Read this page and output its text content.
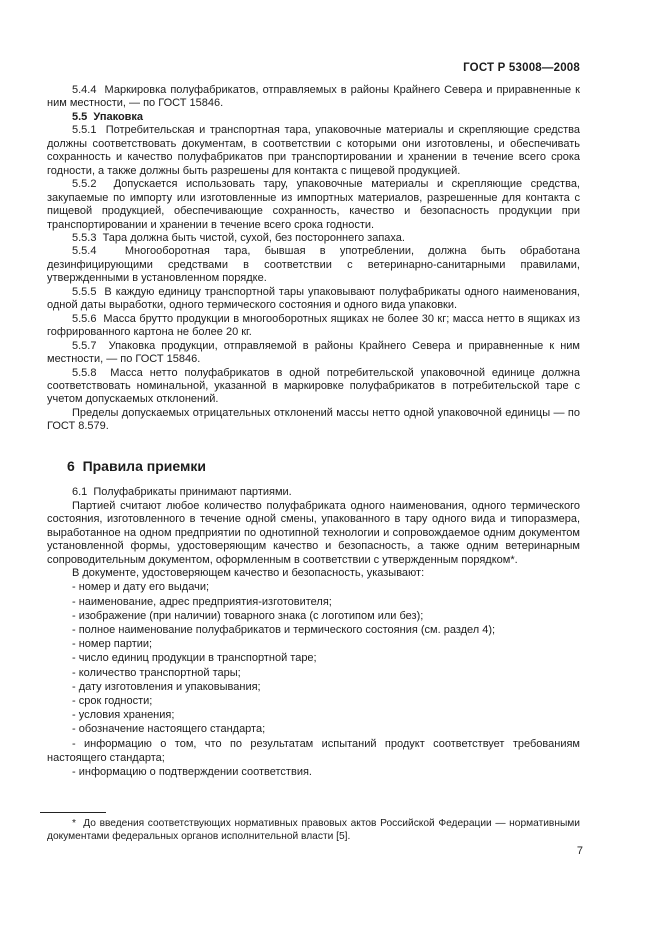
ГОСТ Р 53008—2008

5.4.4  Маркировка полуфабрикатов, отправляемых в районы Крайнего Севера и приравненные к ним местности, — по ГОСТ 15846.

5.5  Упаковка

5.5.1  Потребительская и транспортная тара, упаковочные материалы и скрепляющие средства должны соответствовать документам, в соответствии с которыми они изготовлены, и обеспечивать сохранность и качество полуфабрикатов при транспортировании и хранении в течение всего срока годности, а также должны быть разрешены для контакта с пищевой продукцией.

5.5.2  Допускается использовать тару, упаковочные материалы и скрепляющие средства, закупаемые по импорту или изготовленные из импортных материалов, разрешенные для контакта с пищевой продукцией, обеспечивающие сохранность, качество и безопасность продукции при транспортировании и хранении в течение всего срока годности.

5.5.3  Тара должна быть чистой, сухой, без постороннего запаха.

5.5.4  Многооборотная тара, бывшая в употреблении, должна быть обработана дезинфицирующими средствами в соответствии с ветеринарно-санитарными правилами, утвержденными в установленном порядке.

5.5.5  В каждую единицу транспортной тары упаковывают полуфабрикаты одного наименования, одной даты выработки, одного термического состояния и одного вида упаковки.

5.5.6  Масса брутто продукции в многооборотных ящиках не более 30 кг; масса нетто в ящиках из гофрированного картона не более 20 кг.

5.5.7  Упаковка продукции, отправляемой в районы Крайнего Севера и приравненные к ним местности, — по ГОСТ 15846.

5.5.8  Масса нетто полуфабрикатов в одной потребительской упаковочной единице должна соответствовать номинальной, указанной в маркировке полуфабрикатов в потребительской таре с учетом допускаемых отклонений.

Пределы допускаемых отрицательных отклонений массы нетто одной упаковочной единицы — по ГОСТ 8.579.

6  Правила приемки

6.1  Полуфабрикаты принимают партиями.

Партией считают любое количество полуфабриката одного наименования, одного термического состояния, изготовленного в течение одной смены, упакованного в тару одного вида и типоразмера, выработанное на одном предприятии по однотипной технологии и сопровождаемое одним документом установленной формы, удостоверяющим качество и безопасность, а также одним ветеринарным сопроводительным документом, оформленным в соответствии с утвержденным порядком*.

В документе, удостоверяющем качество и безопасность, указывают:

- номер и дату его выдачи;

- наименование, адрес предприятия-изготовителя;

- изображение (при наличии) товарного знака (с логотипом или без);

- полное наименование полуфабрикатов и термического состояния (см. раздел 4);

- номер партии;

- число единиц продукции в транспортной таре;

- количество транспортной тары;

- дату изготовления и упаковывания;

- срок годности;

- условия хранения;

- обозначение настоящего стандарта;

- информацию о том, что по результатам испытаний продукт соответствует требованиям настоящего стандарта;

- информацию о подтверждении соответствия.

*  До введения соответствующих нормативных правовых актов Российской Федерации — нормативными документами федеральных органов исполнительной власти [5].

7
